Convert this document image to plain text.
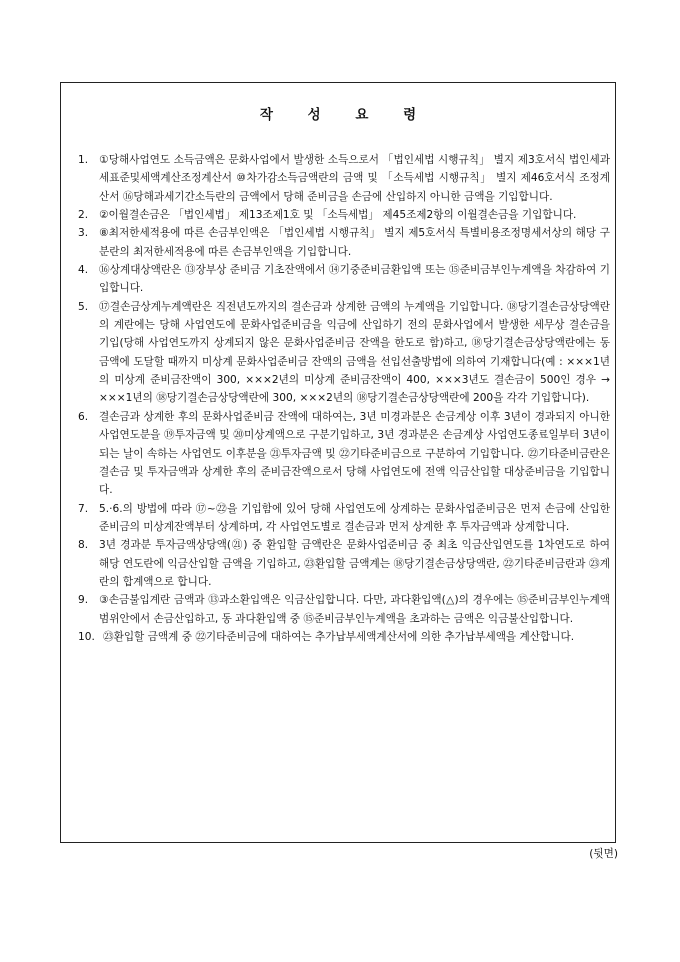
작 성 요 령

1. ①당해사업연도 소득금액은 문화사업에서 발생한 소득으로서 「법인세법 시행규칙」 별지 제3호서식 법인세과세표준및세액계산조정계산서 ⑩차가감소득금액란의 금액 및 「소득세법 시행규칙」 별지 제46호서식 조정계산서 ⑯당해과세기간소득란의 금액에서 당해 준비금을 손금에 산입하지 아니한 금액을 기입합니다.

2. ②이월결손금은 「법인세법」 제13조제1호 및 「소득세법」 제45조제2항의 이월결손금을 기입합니다.

3. ⑧최저한세적용에 따른 손금부인액은 「법인세법 시행규칙」 별지 제5호서식 특별비용조정명세서상의 해당 구분란의 최저한세적용에 따른 손금부인액을 기입합니다.

4. ⑯상계대상액란은 ⑬장부상 준비금 기초잔액에서 ⑭기중준비금환입액 또는 ⑮준비금부인누계액을 차감하여 기입합니다.

5. ⑰결손금상계누계액란은 직전년도까지의 결손금과 상계한 금액의 누계액을 기입합니다. ⑱당기결손금상당액란의 계란에는 당해 사업연도에 문화사업준비금을 익금에 산입하기 전의 문화사업에서 발생한 세무상 결손금을 기입(당해 사업연도까지 상계되지 않은 문화사업준비금 잔액을 한도로 함)하고, ⑱당기결손금상당액란에는 동 금액에 도달할 때까지 미상계 문화사업준비금 잔액의 금액을 선입선출방법에 의하여 기재합니다(예 : ×××1년의 미상계 준비금잔액이 300, ×××2년의 미상계 준비금잔액이 400, ×××3년도 결손금이 500인 경우 → ×××1년의 ⑱당기결손금상당액란에 300, ×××2년의 ⑱당기결손금상당액란에 200을 각각 기입합니다).

6. 결손금과 상계한 후의 문화사업준비금 잔액에 대하여는, 3년 미경과분은 손금계상 이후 3년이 경과되지 아니한 사업연도분을 ⑲투자금액 및 ⑳미상계액으로 구분기입하고, 3년 경과분은 손금계상 사업연도종료일부터 3년이 되는 날이 속하는 사업연도 이후분을 ㉑투자금액 및 ㉒기타준비금으로 구분하여 기입합니다. ㉒기타준비금란은 결손금 및 투자금액과 상계한 후의 준비금잔액으로서 당해 사업연도에 전액 익금산입할 대상준비금을 기입합니다.

7. 5.·6.의 방법에 따라 ⑰~㉒을 기입함에 있어 당해 사업연도에 상계하는 문화사업준비금은 먼저 손금에 산입한 준비금의 미상계잔액부터 상계하며, 각 사업연도별로 결손금과 먼저 상계한 후 투자금액과 상계합니다.

8. 3년 경과분 투자금액상당액(㉑) 중 환입할 금액란은 문화사업준비금 중 최초 익금산입연도를 1차연도로 하여 해당 연도란에 익금산입할 금액을 기입하고, ㉓환입할 금액계는 ⑱당기결손금상당액란, ㉒기타준비금란과 ㉓계란의 합계액으로 합니다.

9. ③손금불입계란 금액과 ⑬과소환입액은 익금산입합니다. 다만, 과다환입액(△)의 경우에는 ⑮준비금부인누계액 범위안에서 손금산입하고, 동 과다환입액 중 ⑮준비금부인누계액을 초과하는 금액은 익금불산입합니다.

10. ㉓환입할 금액계 중 ㉒기타준비금에 대하여는 추가납부세액계산서에 의한 추가납부세액을 계산합니다.

(뒷면)
